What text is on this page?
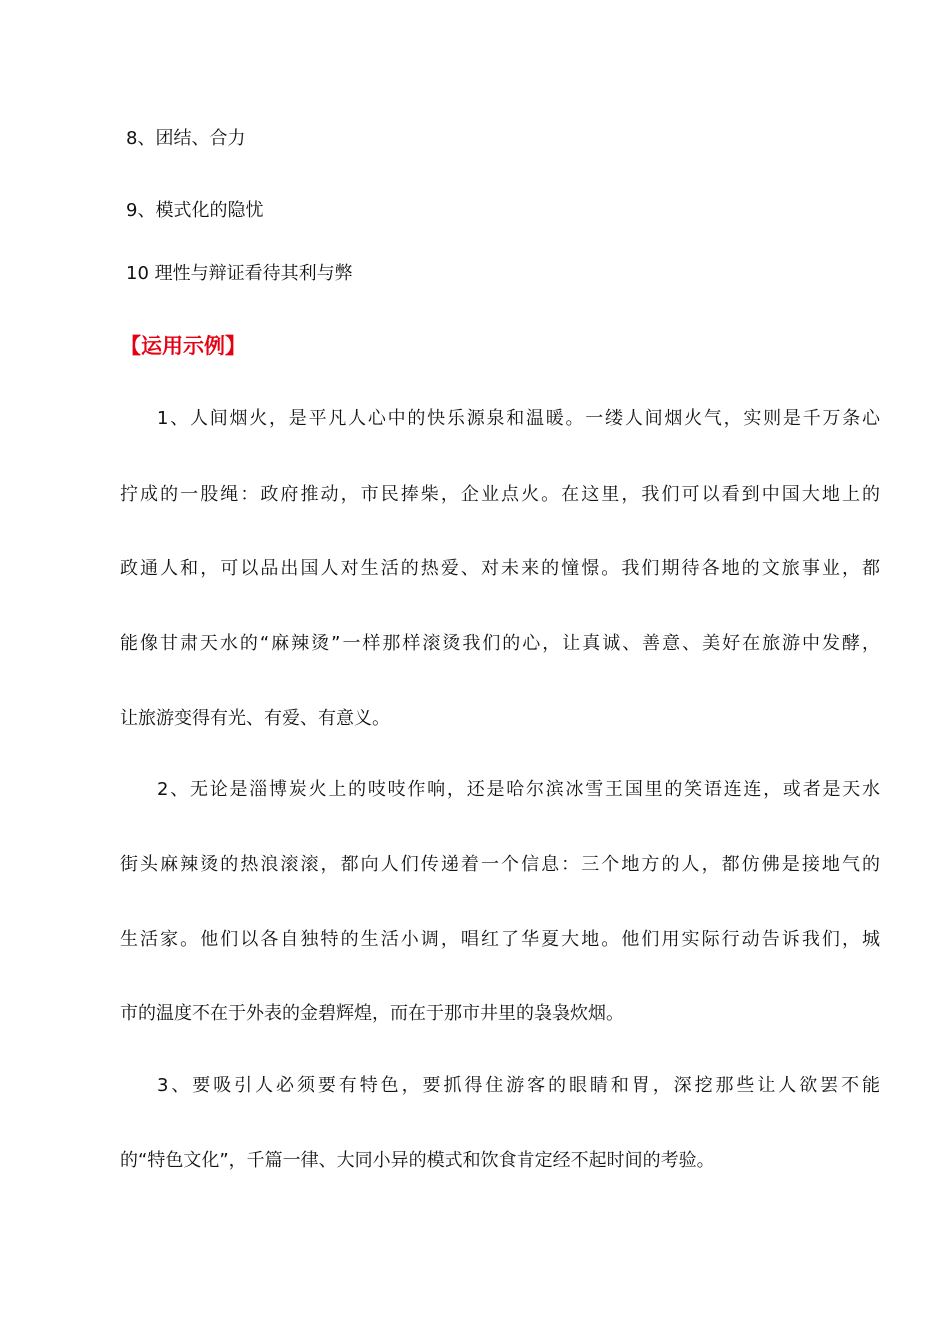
8、团结、合力
9、模式化的隐忧
10 理性与辩证看待其利与弊
【运用示例】
1、人间烟火，是平凡人心中的快乐源泉和温暖。一缕人间烟火气，实则是千万条心
拧成的一股绳：政府推动，市民捧柴，企业点火。在这里，我们可以看到中国大地上的
政通人和，可以品出国人对生活的热爱、对未来的憧憬。我们期待各地的文旅事业，都
能像甘肃天水的“麻辣烫”一样那样滚烫我们的心，让真诚、善意、美好在旅游中发酵，
让旅游变得有光、有爱、有意义。
2、无论是淄博炭火上的吱吱作响，还是哈尔滨冰雪王国里的笑语连连，或者是天水
街头麻辣烫的热浪滚滚，都向人们传递着一个信息：三个地方的人，都仿佛是接地气的
生活家。他们以各自独特的生活小调，唱红了华夏大地。他们用实际行动告诉我们，城
市的温度不在于外表的金碧辉煌，而在于那市井里的袅袅炊烟。
3、要吸引人必须要有特色，要抓得住游客的眼睛和胃，深挖那些让人欲罢不能
的“特色文化”，千篇一律、大同小异的模式和饮食肯定经不起时间的考验。
